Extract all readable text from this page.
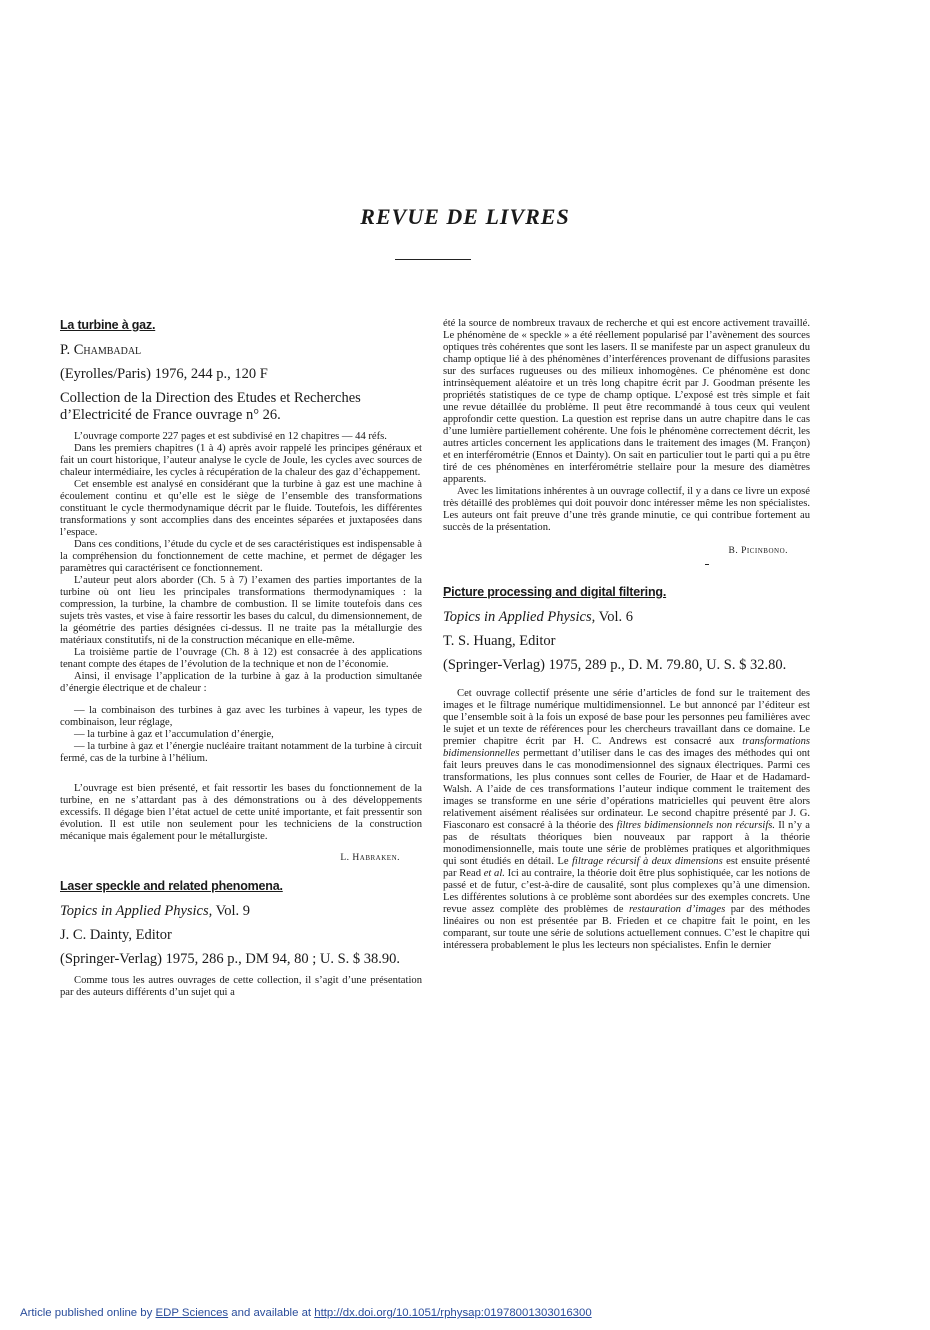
REVUE DE LIVRES
La turbine à gaz.
P. Chambadal
(Eyrolles/Paris) 1976, 244 p., 120 F
Collection de la Direction des Etudes et Recherches d’Electricité de France ouvrage n° 26.

L’ouvrage comporte 227 pages et est subdivisé en 12 chapitres — 44 réfs.

Dans les premiers chapitres (1 à 4) après avoir rappelé les principes généraux et fait un court historique, l’auteur analyse le cycle de Joule, les cycles avec sources de chaleur intermédiaire, les cycles à récupération de la chaleur des gaz d’échappement.

Cet ensemble est analysé en considérant que la turbine à gaz est une machine à écoulement continu et qu’elle est le siège de l’ensemble des transformations constituant le cycle thermodynamique décrit par le fluide. Toutefois, les différentes transformations y sont accomplies dans des enceintes séparées et juxtaposées dans l’espace.

Dans ces conditions, l’étude du cycle et de ses caractéristiques est indispensable à la compréhension du fonctionnement de cette machine, et permet de dégager les paramètres qui caractérisent ce fonctionnement.

L’auteur peut alors aborder (Ch. 5 à 7) l’examen des parties importantes de la turbine où ont lieu les principales transformations thermodynamiques : la compression, la turbine, la chambre de combustion. Il se limite toutefois dans ces sujets très vastes, et vise à faire ressortir les bases du calcul, du dimensionnement, de la géométrie des parties désignées ci-dessus. Il ne traite pas la métallurgie des matériaux constitutifs, ni de la construction mécanique en elle-même.

La troisième partie de l’ouvrage (Ch. 8 à 12) est consacrée à des applications tenant compte des étapes de l’évolution de la technique et non de l’économie.

Ainsi, il envisage l’application de la turbine à gaz à la production simultanée d’énergie électrique et de chaleur :

— la combinaison des turbines à gaz avec les turbines à vapeur, les types de combinaison, leur réglage,

— la turbine à gaz et l’accumulation d’énergie,

— la turbine à gaz et l’énergie nucléaire traitant notamment de la turbine à circuit fermé, cas de la turbine à l’hélium.

L’ouvrage est bien présenté, et fait ressortir les bases du fonctionnement de la turbine, en ne s’attardant pas à des démonstrations ou à des développements excessifs. Il dégage bien l’état actuel de cette unité importante, et fait pressentir son évolution. Il est utile non seulement pour les techniciens de la construction mécanique mais également pour le métallurgiste.

L. Habraken.
Laser speckle and related phenomena.
Topics in Applied Physics, Vol. 9
J. C. Dainty, Editor
(Springer-Verlag) 1975, 286 p., DM 94, 80 ; U. S. $ 38.90.

Comme tous les autres ouvrages de cette collection, il s’agit d’une présentation par des auteurs différents d’un sujet qui a

été la source de nombreux travaux de recherche et qui est encore activement travaillé. Le phénomène de « speckle » a été réellement popularisé par l’avènement des sources optiques très cohérentes que sont les lasers. Il se manifeste par un aspect granuleux du champ optique lié à des phénomènes d’interférences provenant de diffusions parasites sur des surfaces rugueuses ou des milieux inhomogènes. Ce phénomène est donc intrinsèquement aléatoire et un très long chapitre écrit par J. Goodman présente les propriétés statistiques de ce type de champ optique. L’exposé est très simple et fait une revue détaillée du problème. Il peut être recommandé à tous ceux qui veulent approfondir cette question. La question est reprise dans un autre chapitre dans le cas d’une lumière partiellement cohérente. Une fois le phénomène correctement décrit, les autres articles concernent les applications dans le traitement des images (M. Françon) et en interférométrie (Ennos et Dainty). On sait en particulier tout le parti qui a pu être tiré de ces phénomènes en interférométrie stellaire pour la mesure des diamètres apparents.

Avec les limitations inhérentes à un ouvrage collectif, il y a dans ce livre un exposé très détaillé des problèmes qui doit pouvoir donc intéresser même les non spécialistes. Les auteurs ont fait preuve d’une très grande minutie, ce qui contribue fortement au succès de la présentation.

B. Picinbono.
Picture processing and digital filtering.
Topics in Applied Physics, Vol. 6
T. S. Huang, Editor
(Springer-Verlag) 1975, 289 p., D. M. 79.80, U. S. $ 32.80.

Cet ouvrage collectif présente une série d’articles de fond sur le traitement des images et le filtrage numérique multidimensionnel. Le but annoncé par l’éditeur est que l’ensemble soit à la fois un exposé de base pour les personnes peu familières avec le sujet et un texte de références pour les chercheurs travaillant dans ce domaine. Le premier chapitre écrit par H. C. Andrews est consacré aux transformations bidimensionnelles permettant d’utiliser dans le cas des images des méthodes qui ont fait leurs preuves dans le cas monodimensionnel des signaux électriques. Parmi ces transformations, les plus connues sont celles de Fourier, de Haar et de Hadamard-Walsh. A l’aide de ces transformations l’auteur indique comment le traitement des images se transforme en une série d’opérations matricielles qui peuvent être alors relativement aisément réalisées sur ordinateur. Le second chapitre présenté par J. G. Fiasconaro est consacré à la théorie des filtres bidimensionnels non récursifs. Il n’y a pas de résultats théoriques bien nouveaux par rapport à la théorie monodimensionnelle, mais toute une série de problèmes pratiques et algorithmiques qui sont étudiés en détail. Le filtrage récursif à deux dimensions est ensuite présenté par Read et al. Ici au contraire, la théorie doit être plus sophistiquée, car les notions de passé et de futur, c’est-à-dire de causalité, sont plus complexes qu’à une dimension. Les différentes solutions à ce problème sont abordées sur des exemples concrets. Une revue assez complète des problèmes de restauration d’images par des méthodes linéaires ou non est présentée par B. Frieden et ce chapitre fait le point, en les comparant, sur toute une série de solutions actuellement connues. C’est le chapitre qui intéressera probablement le plus les lecteurs non spécialistes. Enfin le dernier

Article published online by EDP Sciences and available at http://dx.doi.org/10.1051/rphysap:01978001303016300
